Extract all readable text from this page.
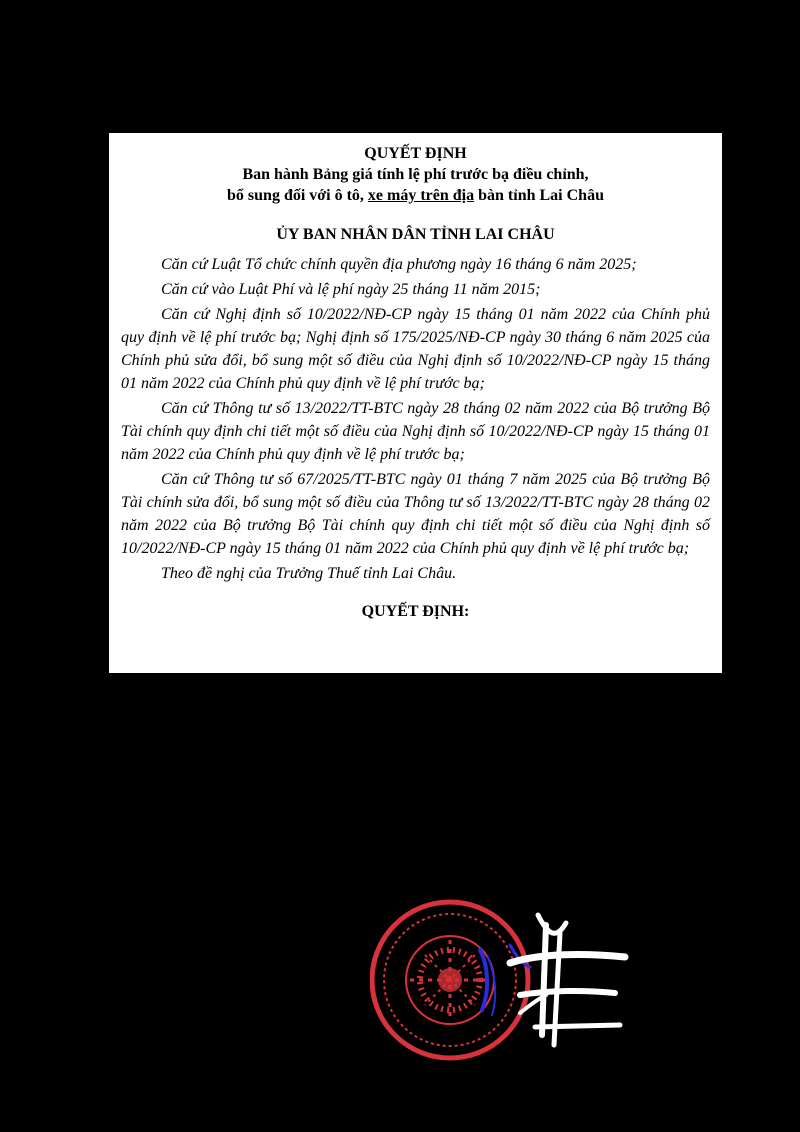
QUYẾT ĐỊNH

Ban hành Bảng giá tính lệ phí trước bạ điều chỉnh,

bổ sung đối với ô tô, xe máy trên địa bàn tỉnh Lai Châu

ỦY BAN NHÂN DÂN TỈNH LAI CHÂU

Căn cứ Luật Tổ chức chính quyền địa phương ngày 16 tháng 6 năm 2025;

Căn cứ vào Luật Phí và lệ phí ngày 25 tháng 11 năm 2015;

Căn cứ Nghị định số 10/2022/NĐ-CP ngày 15 tháng 01 năm 2022 của Chính phủ quy định về lệ phí trước bạ; Nghị định số 175/2025/NĐ-CP ngày 30 tháng 6 năm 2025 của Chính phủ sửa đổi, bổ sung một số điều của Nghị định số 10/2022/NĐ-CP ngày 15 tháng 01 năm 2022 của Chính phủ quy định về lệ phí trước bạ;

Căn cứ Thông tư số 13/2022/TT-BTC ngày 28 tháng 02 năm 2022 của Bộ trưởng Bộ Tài chính quy định chi tiết một số điều của Nghị định số 10/2022/NĐ-CP ngày 15 tháng 01 năm 2022 của Chính phủ quy định về lệ phí trước bạ;

Căn cứ Thông tư số 67/2025/TT-BTC ngày 01 tháng 7 năm 2025 của Bộ trưởng Bộ Tài chính sửa đổi, bổ sung một số điều của Thông tư số 13/2022/TT-BTC ngày 28 tháng 02 năm 2022 của Bộ trưởng Bộ Tài chính quy định chi tiết một số điều của Nghị định số 10/2022/NĐ-CP ngày 15 tháng 01 năm 2022 của Chính phủ quy định về lệ phí trước bạ;

Theo đề nghị của Trưởng Thuế tỉnh Lai Châu.

QUYẾT ĐỊNH:
